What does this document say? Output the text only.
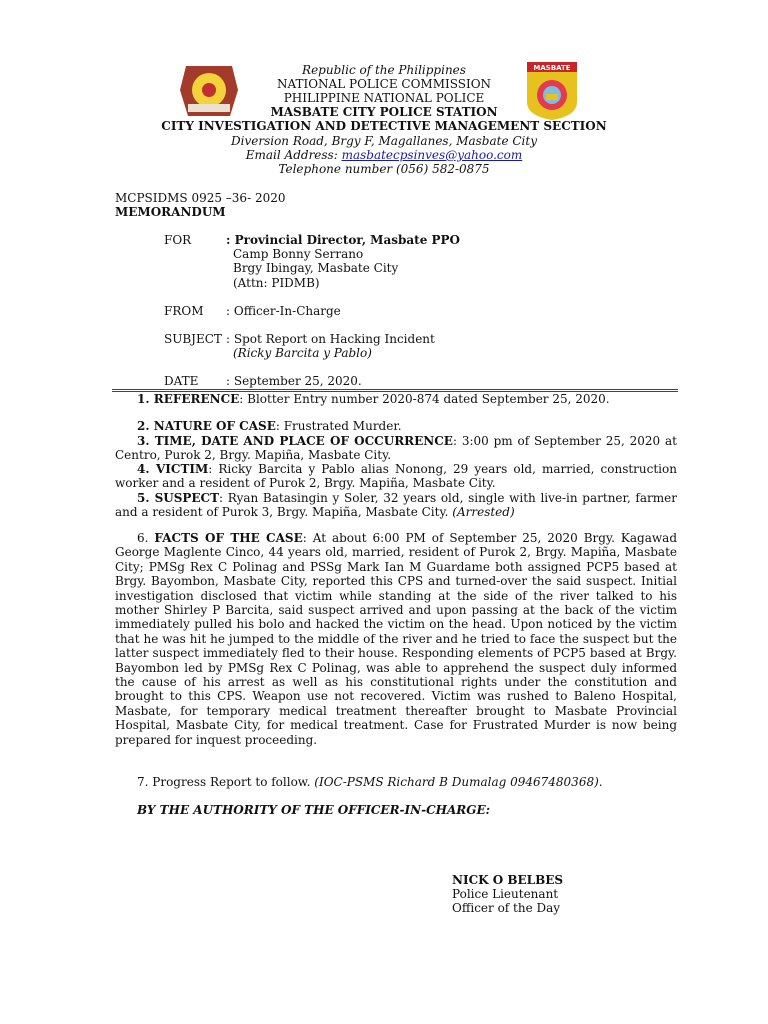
MASBATE
Republic of the Philippines
NATIONAL POLICE COMMISSION
PHILIPPINE NATIONAL POLICE
MASBATE CITY POLICE STATION
CITY INVESTIGATION AND DETECTIVE MANAGEMENT SECTION
Diversion Road, Brgy F, Magallanes, Masbate City
Email Address: masbatecpsinves@yahoo.com
Telephone number (056) 582-0875
MCPSIDMS 0925 –36- 2020
MEMORANDUM
FOR	: Provincial Director, Masbate PPO
Camp Bonny Serrano
Brgy Ibingay, Masbate City
(Attn: PIDMB)
FROM : Officer-In-Charge
SUBJECT : Spot Report on Hacking Incident
(Ricky Barcita y Pablo)
DATE : September 25, 2020.

1. REFERENCE: Blotter Entry number 2020-874 dated September 25, 2020.

2. NATURE OF CASE: Frustrated Murder.

3. TIME, DATE AND PLACE OF OCCURRENCE: 3:00 pm of September 25, 2020 at Centro, Purok 2, Brgy. Mapiña, Masbate City.

4. VICTIM: Ricky Barcita y Pablo alias Nonong, 29 years old, married, construction worker and a resident of Purok 2, Brgy. Mapiña, Masbate City.

5. SUSPECT: Ryan Batasingin y Soler, 32 years old, single with live-in partner, farmer and a resident of Purok 3, Brgy. Mapiña, Masbate City. (Arrested)

6. FACTS OF THE CASE: At about 6:00 PM of September 25, 2020 Brgy. Kagawad George Maglente Cinco, 44 years old, married, resident of Purok 2, Brgy. Mapiña, Masbate City; PMSg Rex C Polinag and PSSg Mark Ian M Guardame both assigned PCP5 based at Brgy. Bayombon, Masbate City, reported this CPS and turned-over the said suspect. Initial investigation disclosed that victim while standing at the side of the river talked to his mother Shirley P Barcita, said suspect arrived and upon passing at the back of the victim immediately pulled his bolo and hacked the victim on the head. Upon noticed by the victim that he was hit he jumped to the middle of the river and he tried to face the suspect but the latter suspect immediately fled to their house. Responding elements of PCP5 based at Brgy. Bayombon led by PMSg Rex C Polinag, was able to apprehend the suspect duly informed the cause of his arrest as well as his constitutional rights under the constitution and brought to this CPS. Weapon use not recovered. Victim was rushed to Baleno Hospital, Masbate, for temporary medical treatment thereafter brought to Masbate Provincial Hospital, Masbate City, for medical treatment. Case for Frustrated Murder is now being prepared for inquest proceeding.

7. Progress Report to follow. (IOC-PSMS Richard B Dumalag 09467480368).

BY THE AUTHORITY OF THE OFFICER-IN-CHARGE:
NICK O BELBES
Police Lieutenant
Officer of the Day
